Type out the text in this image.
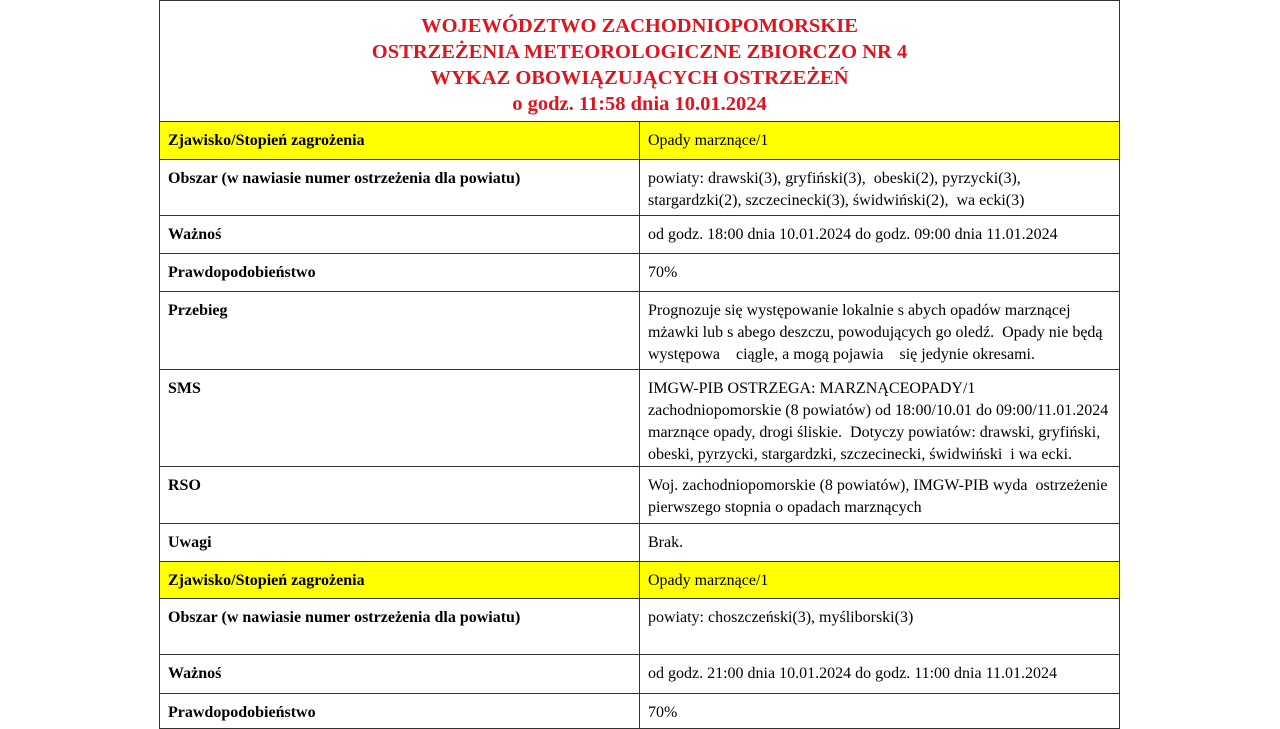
WOJEWÓDZTWO ZACHODNIOPOMORSKIE
OSTRZEŻENIA METEOROLOGICZNE ZBIORCZO NR 4
WYKAZ OBOWIĄZUJĄCYCH OSTRZEŻEŃ
o godz. 11:58 dnia 10.01.2024	

Zjawisko/Stopień zagrożenia	Opady marznące/1
Obszar (w nawiasie numer ostrzeżenia dla powiatu)	powiaty: drawski(3), gryfiński(3),  obeski(2), pyrzycki(3), stargardzki(2), szczecinecki(3), świdwiński(2),  wa ecki(3)
Ważnoś	od godz. 18:00 dnia 10.01.2024 do godz. 09:00 dnia 11.01.2024
Prawdopodobieństwo	70%
Przebieg	Prognozuje się występowanie lokalnie s abych opadów marznącej mżawki lub s abego deszczu, powodujących go oledź.  Opady nie będą występowa    ciągle, a mogą pojawia    się jedynie okresami.
SMS	IMGW-PIB OSTRZEGA: MARZNĄCEOPADY/1 zachodniopomorskie (8 powiatów) od 18:00/10.01 do 09:00/11.01.2024 marznące opady, drogi śliskie.  Dotyczy powiatów: drawski, gryfiński,  obeski, pyrzycki, stargardzki, szczecinecki, świdwiński  i wa ecki.
RSO	Woj. zachodniopomorskie (8 powiatów), IMGW-PIB wyda  ostrzeżenie pierwszego stopnia o opadach marznących
Uwagi	Brak.
Zjawisko/Stopień zagrożenia	Opady marznące/1
Obszar (w nawiasie numer ostrzeżenia dla powiatu)	powiaty: choszczeński(3), myśliborski(3)
Ważnoś	od godz. 21:00 dnia 10.01.2024 do godz. 11:00 dnia 11.01.2024
Prawdopodobieństwo	70%
